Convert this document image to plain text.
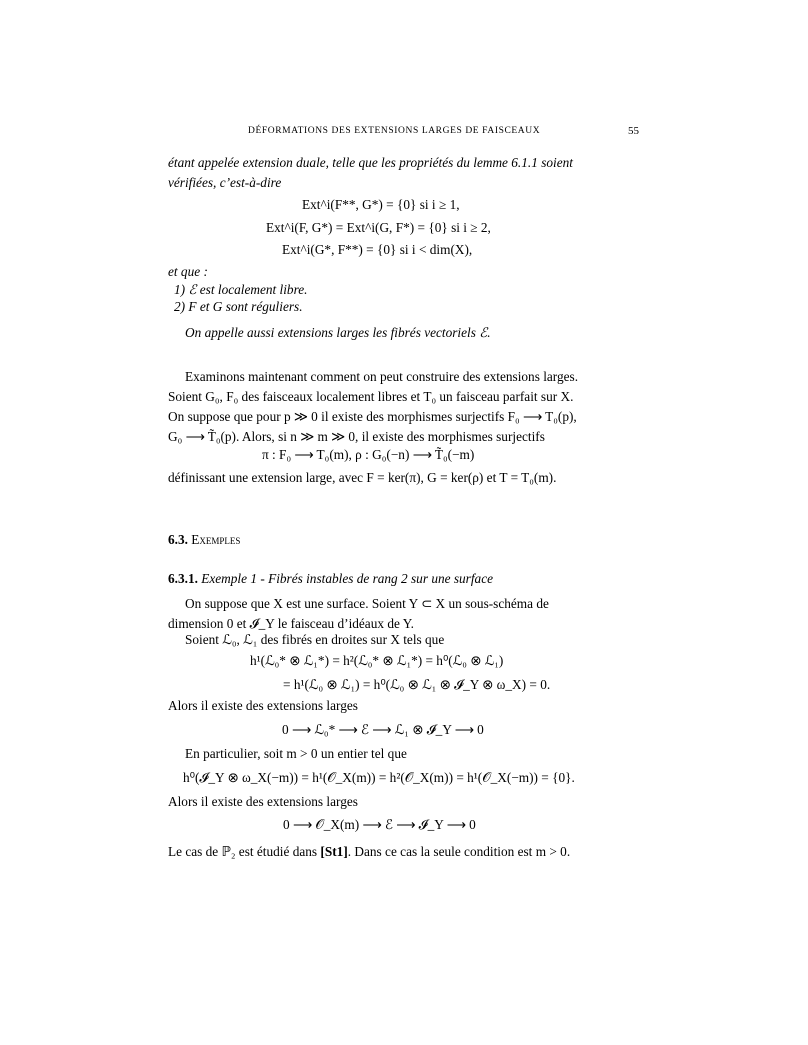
DÉFORMATIONS DES EXTENSIONS LARGES DE FAISCEAUX	55
étant appelée extension duale, telle que les propriétés du lemme 6.1.1 soient
vérifiées, c’est-à-dire
Ext^i(F**, G*) = {0} si i ≥ 1,
Ext^i(F, G*) = Ext^i(G, F*) = {0} si i ≥ 2,
Ext^i(G*, F**) = {0} si i < dim(X),
et que :
1) ℰ est localement libre.
2) F et G sont réguliers.
On appelle aussi extensions larges les fibrés vectoriels ℰ.
Examinons maintenant comment on peut construire des extensions larges.
Soient G₀, F₀ des faisceaux localement libres et T₀ un faisceau parfait sur X.
On suppose que pour p ≫ 0 il existe des morphismes surjectifs F₀ ⟶ T₀(p),
G₀ ⟶ T̃₀(p). Alors, si n ≫ m ≫ 0, il existe des morphismes surjectifs
π : F₀ ⟶ T₀(m), ρ : G₀(−n) ⟶ T̃₀(−m)
définissant une extension large, avec F = ker(π), G = ker(ρ) et T = T₀(m).
6.3. Exemples
6.3.1. Exemple 1 - Fibrés instables de rang 2 sur une surface
On suppose que X est une surface. Soient Y ⊂ X un sous-schéma de
dimension 0 et 𝓘_Y le faisceau d’idéaux de Y.
Soient ℒ₀, ℒ₁ des fibrés en droites sur X tels que
h¹(ℒ₀* ⊗ ℒ₁*) = h²(ℒ₀* ⊗ ℒ₁*) = h⁰(ℒ₀ ⊗ ℒ₁)
= h¹(ℒ₀ ⊗ ℒ₁) = h⁰(ℒ₀ ⊗ ℒ₁ ⊗ 𝓘_Y ⊗ ω_X) = 0.
Alors il existe des extensions larges
0 ⟶ ℒ₀* ⟶ ℰ ⟶ ℒ₁ ⊗ 𝓘_Y ⟶ 0
En particulier, soit m > 0 un entier tel que
h⁰(𝓘_Y ⊗ ω_X(−m)) = h¹(𝒪_X(m)) = h²(𝒪_X(m)) = h¹(𝒪_X(−m)) = {0}.
Alors il existe des extensions larges
0 ⟶ 𝒪_X(m) ⟶ ℰ ⟶ 𝓘_Y ⟶ 0
Le cas de ℙ₂ est étudié dans [St1]. Dans ce cas la seule condition est m > 0.
